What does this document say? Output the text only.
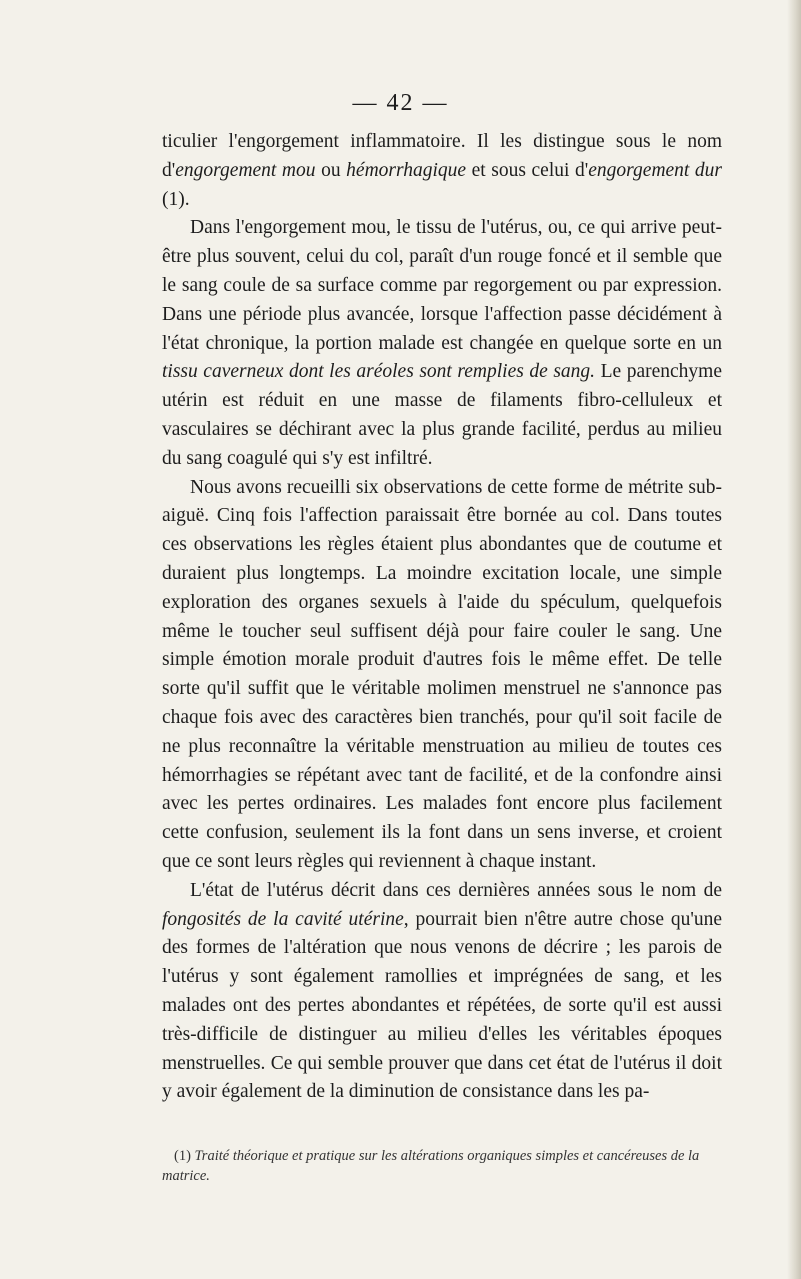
— 42 —

ticulier l'engorgement inflammatoire. Il les distingue sous le nom d'engorgement mou ou hémorrhagique et sous celui d'engorgement dur (1).

Dans l'engorgement mou, le tissu de l'utérus, ou, ce qui arrive peut-être plus souvent, celui du col, paraît d'un rouge foncé et il semble que le sang coule de sa surface comme par regorgement ou par expression. Dans une période plus avancée, lorsque l'affection passe décidément à l'état chronique, la portion malade est changée en quelque sorte en un tissu caverneux dont les aréoles sont remplies de sang. Le parenchyme utérin est réduit en une masse de filaments fibro-celluleux et vasculaires se déchirant avec la plus grande facilité, perdus au milieu du sang coagulé qui s'y est infiltré.

Nous avons recueilli six observations de cette forme de métrite sub-aiguë. Cinq fois l'affection paraissait être bornée au col. Dans toutes ces observations les règles étaient plus abondantes que de coutume et duraient plus longtemps. La moindre excitation locale, une simple exploration des organes sexuels à l'aide du spéculum, quelquefois même le toucher seul suffisent déjà pour faire couler le sang. Une simple émotion morale produit d'autres fois le même effet. De telle sorte qu'il suffit que le véritable molimen menstruel ne s'annonce pas chaque fois avec des caractères bien tranchés, pour qu'il soit facile de ne plus reconnaître la véritable menstruation au milieu de toutes ces hémorrhagies se répétant avec tant de facilité, et de la confondre ainsi avec les pertes ordinaires. Les malades font encore plus facilement cette confusion, seulement ils la font dans un sens inverse, et croient que ce sont leurs règles qui reviennent à chaque instant.

L'état de l'utérus décrit dans ces dernières années sous le nom de fongosités de la cavité utérine, pourrait bien n'être autre chose qu'une des formes de l'altération que nous venons de décrire ; les parois de l'utérus y sont également ramollies et imprégnées de sang, et les malades ont des pertes abondantes et répétées, de sorte qu'il est aussi très-difficile de distinguer au milieu d'elles les véritables époques menstruelles. Ce qui semble prouver que dans cet état de l'utérus il doit y avoir également de la diminution de consistance dans les pa-

(1) Traité théorique et pratique sur les altérations organiques simples et cancéreuses de la matrice.
